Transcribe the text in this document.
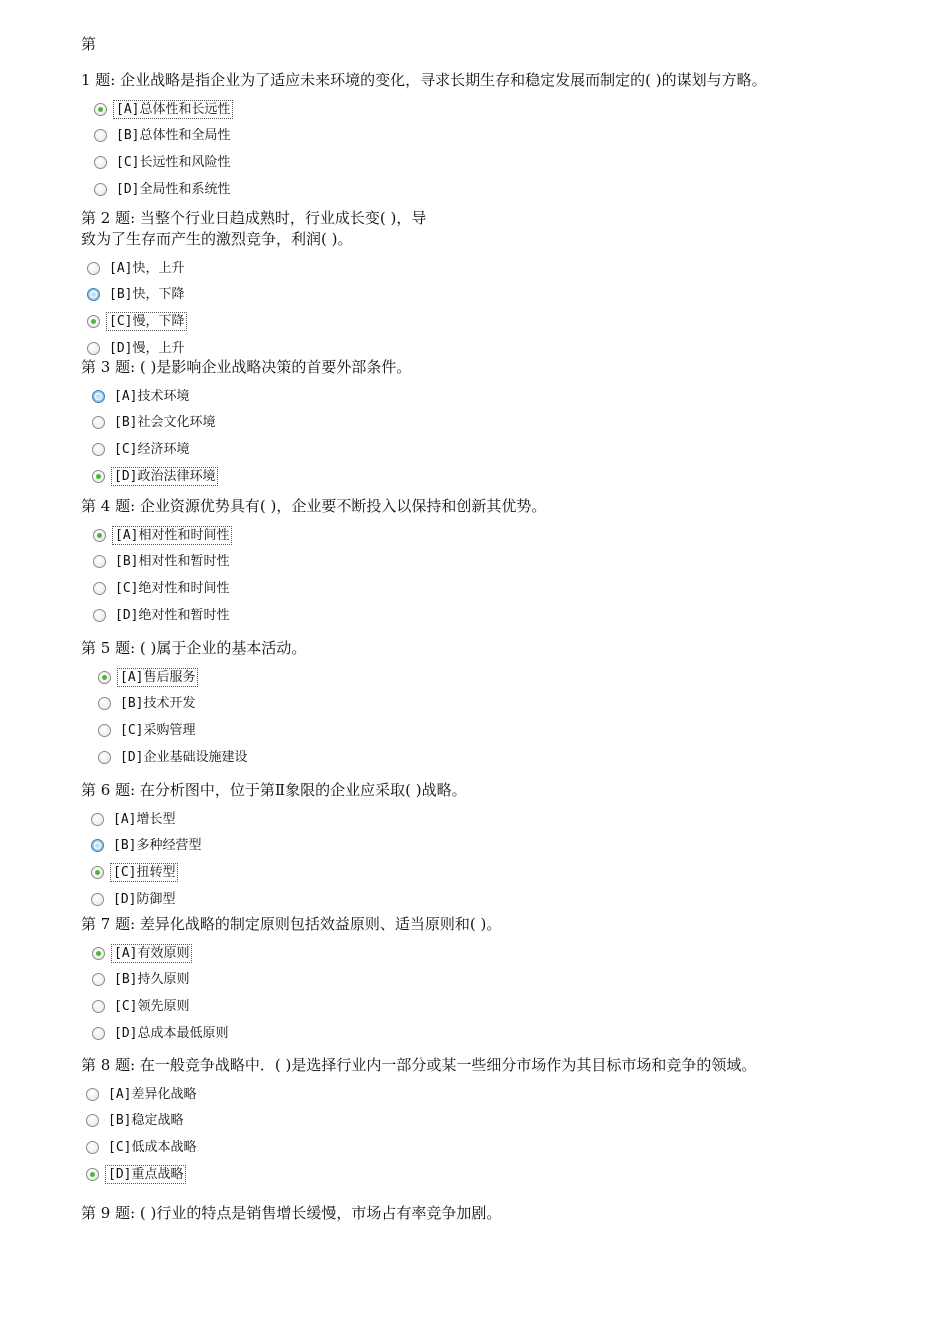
第
1 题: 企业战略是指企业为了适应未来环境的变化，寻求长期生存和稳定发展而制定的( )的谋划与方略。
[A]总体性和长远性
[B]总体性和全局性
[C]长远性和风险性
[D]全局性和系统性
第 2 题: 当整个行业日趋成熟时，行业成长变( )，导
致为了生存而产生的激烈竞争，利润( )。
[A]快，上升
[B]快，下降
[C]慢，下降
[D]慢，上升
第 3 题: ( )是影响企业战略决策的首要外部条件。
[A]技术环境
[B]社会文化环境
[C]经济环境
[D]政治法律环境
第 4 题: 企业资源优势具有( )，企业要不断投入以保持和创新其优势。
[A]相对性和时间性
[B]相对性和暂时性
[C]绝对性和时间性
[D]绝对性和暂时性
第 5 题: ( )属于企业的基本活动。
[A]售后服务
[B]技术开发
[C]采购管理
[D]企业基础设施建设
第 6 题: 在分析图中，位于第Ⅱ象限的企业应采取( )战略。
[A]增长型
[B]多种经营型
[C]扭转型
[D]防御型
第 7 题: 差异化战略的制定原则包括效益原则、适当原则和( )。
[A]有效原则
[B]持久原则
[C]领先原则
[D]总成本最低原则
第 8 题: 在一般竞争战略中．( )是选择行业内一部分或某一些细分市场作为其目标市场和竞争的领域。
[A]差异化战略
[B]稳定战略
[C]低成本战略
[D]重点战略
第 9 题: ( )行业的特点是销售增长缓慢，市场占有率竞争加剧。
